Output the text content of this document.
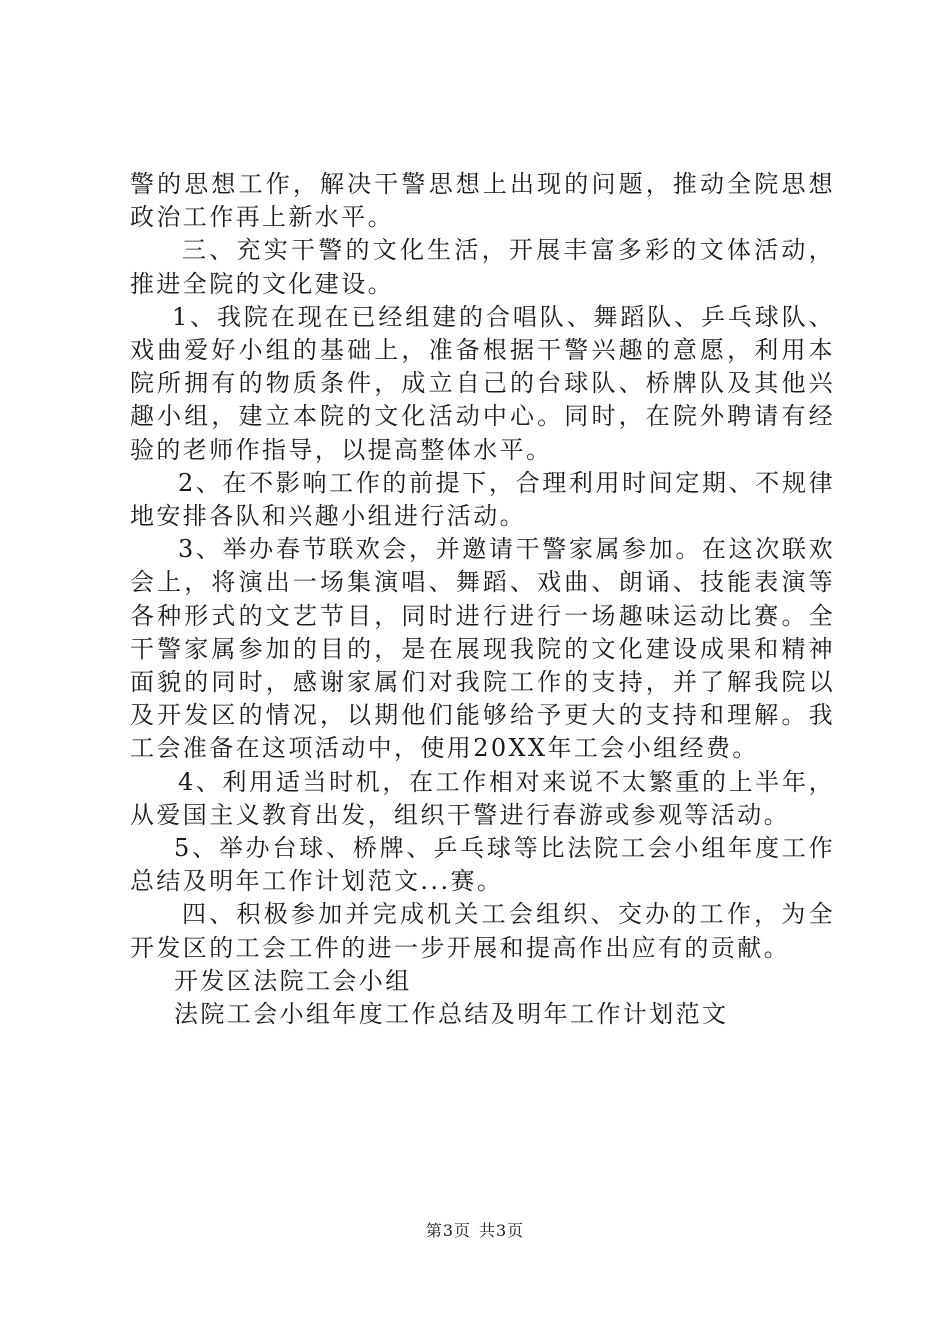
警的思想工作，解决干警思想上出现的问题，推动全院思想政治工作再上新水平。

三、充实干警的文化生活，开展丰富多彩的文体活动，推进全院的文化建设。

1、我院在现在已经组建的合唱队、舞蹈队、乒乓球队、戏曲爱好小组的基础上，准备根据干警兴趣的意愿，利用本院所拥有的物质条件，成立自己的台球队、桥牌队及其他兴趣小组，建立本院的文化活动中心。同时，在院外聘请有经验的老师作指导，以提高整体水平。

2、在不影响工作的前提下，合理利用时间定期、不规律地安排各队和兴趣小组进行活动。

3、举办春节联欢会，并邀请干警家属参加。在这次联欢会上，将演出一场集演唱、舞蹈、戏曲、朗诵、技能表演等各种形式的文艺节目，同时进行进行一场趣味运动比赛。全干警家属参加的目的，是在展现我院的文化建设成果和精神面貌的同时，感谢家属们对我院工作的支持，并了解我院以及开发区的情况，以期他们能够给予更大的支持和理解。我工会准备在这项活动中，使用20XX年工会小组经费。

4、利用适当时机，在工作相对来说不太繁重的上半年，从爱国主义教育出发，组织干警进行春游或参观等活动。

5、举办台球、桥牌、乒乓球等比法院工会小组年度工作总结及明年工作计划范文...赛。

四、积极参加并完成机关工会组织、交办的工作，为全开发区的工会工件的进一步开展和提高作出应有的贡献。

开发区法院工会小组

法院工会小组年度工作总结及明年工作计划范文

第3页 共3页
